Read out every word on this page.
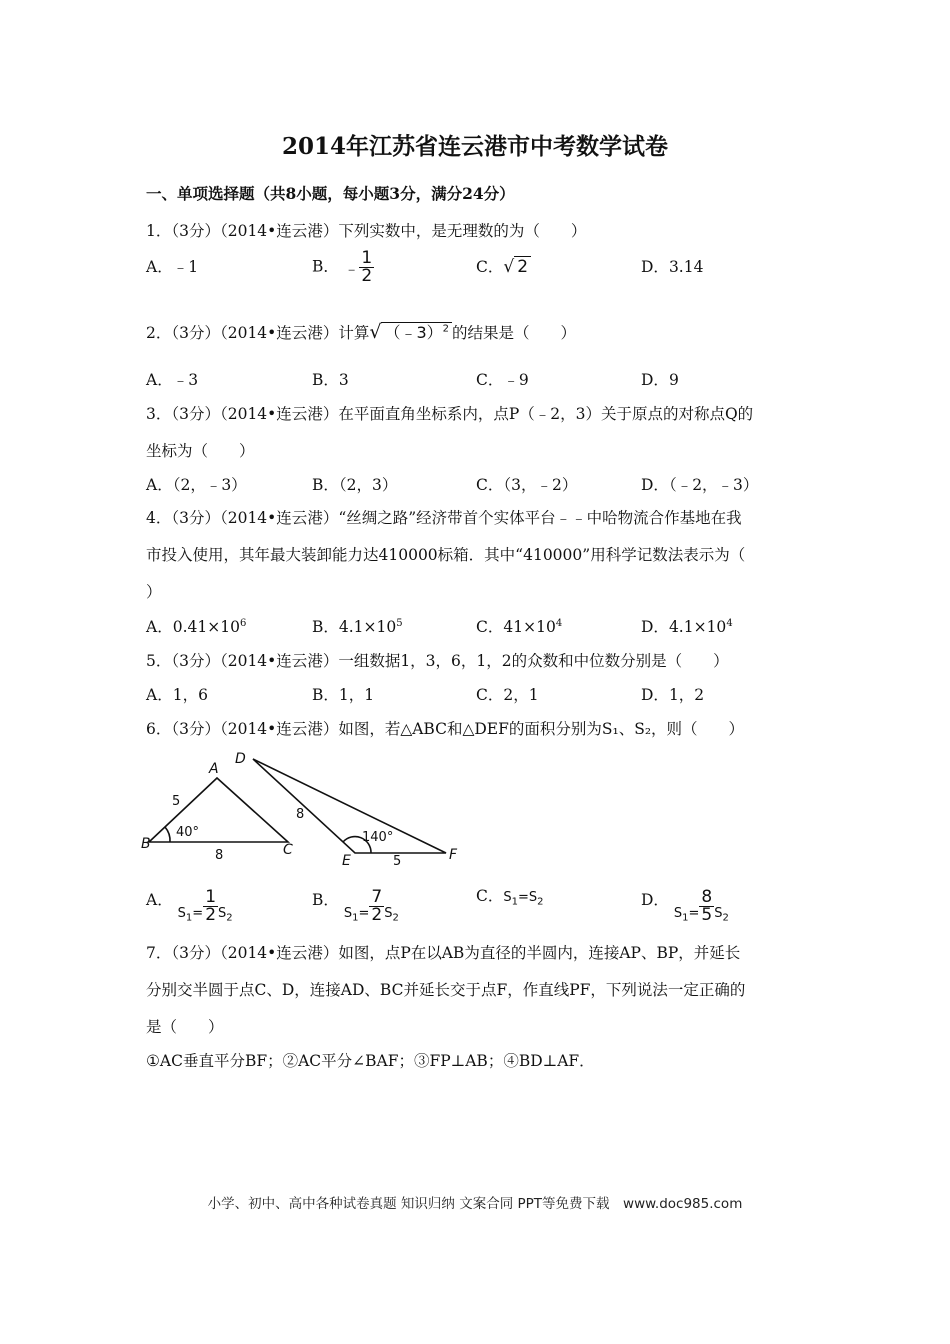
2014年江苏省连云港市中考数学试卷
一、单项选择题（共8小题，每小题3分，满分24分）
1．（3分）（2014•连云港）下列实数中，是无理数的为（　　）
A．﹣1	B． ﹣ $\frac{1}{2}$	C．√ 2	D．3.14
2．（3分）（2014•连云港）计算√ （﹣3）$^2$ 的结果是（　　）
A．﹣3	B．3	C．﹣9	D．9
3．（3分）（2014•连云港）在平面直角坐标系内，点P（﹣2，3）关于原点的对称点Q的
坐标为（　　）
A．（2，﹣3）	B．（2，3）	C．（3，﹣2）	D．（﹣2，﹣3）
4．（3分）（2014•连云港）“丝绸之路”经济带首个实体平台﹣﹣中哈物流合作基地在我
市投入使用，其年最大装卸能力达410000标箱．其中“410000”用科学记数法表示为（
）
A．$0.41\times 10^6$	B．$4.1\times 10^5$	C．$41\times 10^4$	D．$4.1\times 10^4$
5．（3分）（2014•连云港）一组数据1，3，6，1，2的众数和中位数分别是（　　）
A．1，6	B．1，1	C．2，1	D．1，2
6．（3分）（2014•连云港）如图，若△ABC和△DEF的面积分别为S₁、S₂，则（　　）
A
B	C
D
E	F
5
8
40°
8
5
140°
A． $_{S_1= \frac{1}{2} S_2}$
B． $_{S_1= \frac{7}{2} S_2}$
C．$S_1=S_2$	D． $_{S_1= \frac{8}{5} S_2}$
7．（3分）（2014•连云港）如图，点P在以AB为直径的半圆内，连接AP、BP，并延长
分别交半圆于点C、D，连接AD、BC并延长交于点F，作直线PF，下列说法一定正确的
是（　　）
①AC垂直平分BF；②AC平分∠BAF；③FP⊥AB；④BD⊥AF．
小学、初中、高中各种试卷真题 知识归纳 文案合同 PPT等免费下载　www.doc985.com
